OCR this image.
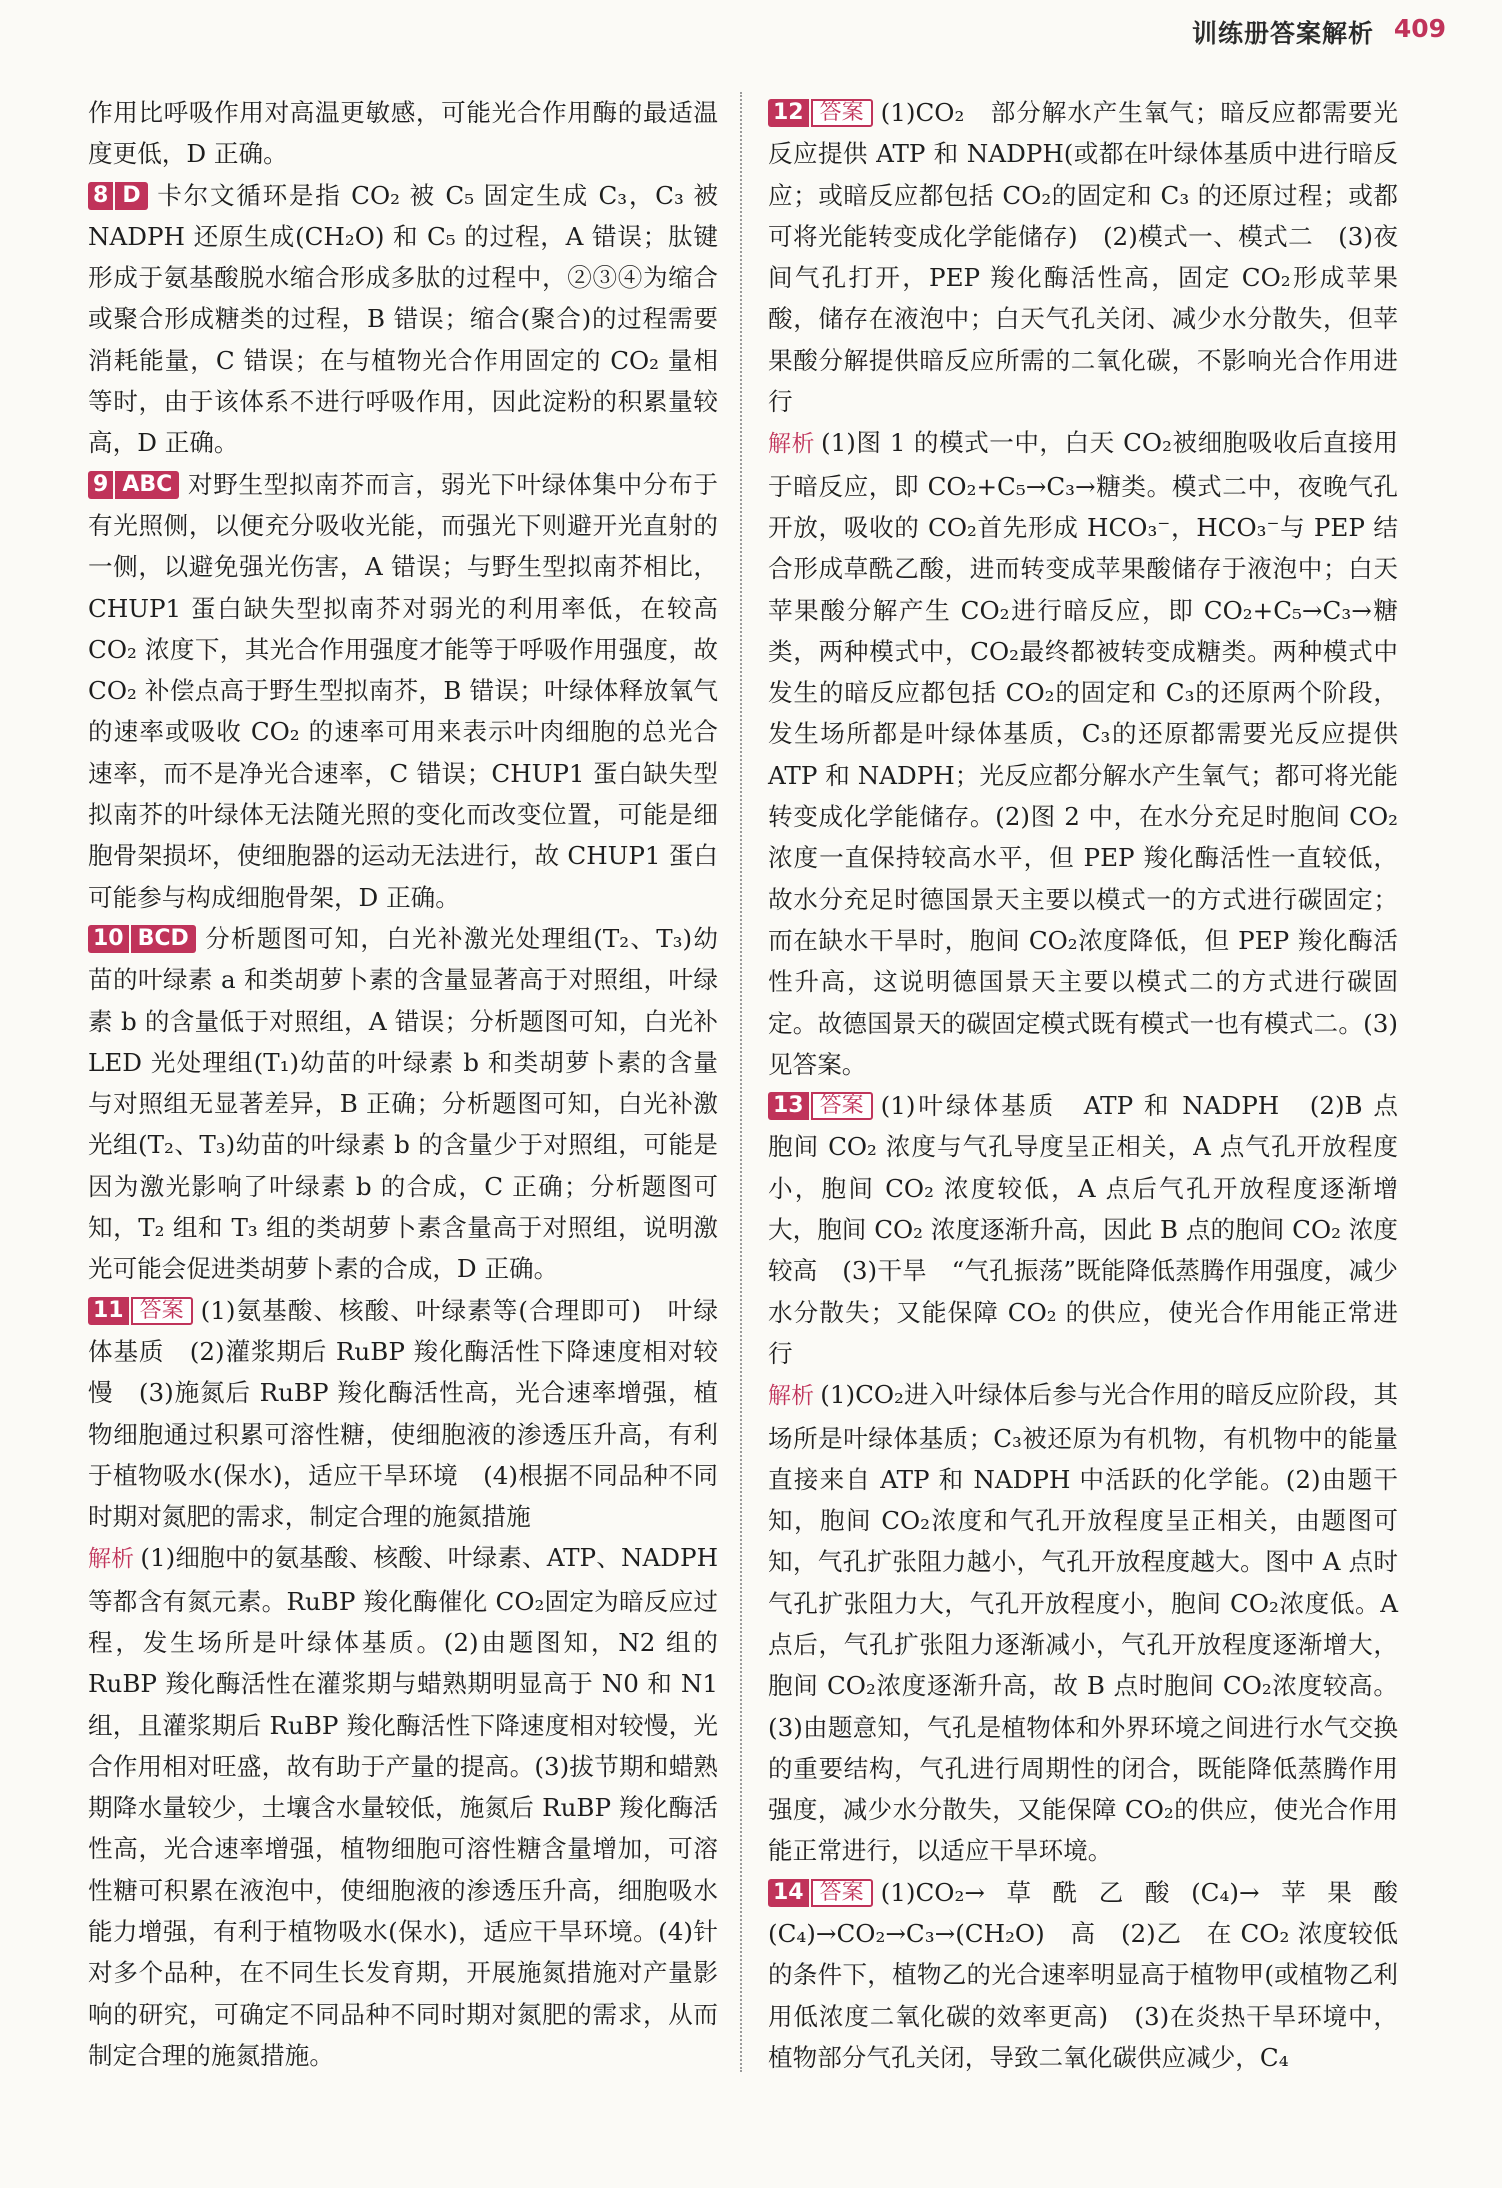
训练册答案解析 409

作用比呼吸作用对高温更敏感，可能光合作用酶的最适温度更低，D 正确。

8 D 卡尔文循环是指 CO₂ 被 C₅ 固定生成 C₃，C₃ 被 NADPH 还原生成(CH₂O) 和 C₅ 的过程，A 错误；肽键形成于氨基酸脱水缩合形成多肽的过程中，②③④为缩合或聚合形成糖类的过程，B 错误；缩合(聚合)的过程需要消耗能量，C 错误；在与植物光合作用固定的 CO₂ 量相等时，由于该体系不进行呼吸作用，因此淀粉的积累量较高，D 正确。

9 ABC 对野生型拟南芥而言，弱光下叶绿体集中分布于有光照侧，以便充分吸收光能，而强光下则避开光直射的一侧，以避免强光伤害，A 错误；与野生型拟南芥相比，CHUP1 蛋白缺失型拟南芥对弱光的利用率低，在较高 CO₂ 浓度下，其光合作用强度才能等于呼吸作用强度，故 CO₂ 补偿点高于野生型拟南芥，B 错误；叶绿体释放氧气的速率或吸收 CO₂ 的速率可用来表示叶肉细胞的总光合速率，而不是净光合速率，C 错误；CHUP1 蛋白缺失型拟南芥的叶绿体无法随光照的变化而改变位置，可能是细胞骨架损坏，使细胞器的运动无法进行，故 CHUP1 蛋白可能参与构成细胞骨架，D 正确。

10 BCD 分析题图可知，白光补激光处理组(T₂、T₃)幼苗的叶绿素 a 和类胡萝卜素的含量显著高于对照组，叶绿素 b 的含量低于对照组，A 错误；分析题图可知，白光补 LED 光处理组(T₁)幼苗的叶绿素 b 和类胡萝卜素的含量与对照组无显著差异，B 正确；分析题图可知，白光补激光组(T₂、T₃)幼苗的叶绿素 b 的含量少于对照组，可能是因为激光影响了叶绿素 b 的合成，C 正确；分析题图可知，T₂ 组和 T₃ 组的类胡萝卜素含量高于对照组，说明激光可能会促进类胡萝卜素的合成，D 正确。

11 答案 (1)氨基酸、核酸、叶绿素等(合理即可)　叶绿体基质　(2)灌浆期后 RuBP 羧化酶活性下降速度相对较慢　(3)施氮后 RuBP 羧化酶活性高，光合速率增强，植物细胞通过积累可溶性糖，使细胞液的渗透压升高，有利于植物吸水(保水)，适应干旱环境　(4)根据不同品种不同时期对氮肥的需求，制定合理的施氮措施

解析 (1)细胞中的氨基酸、核酸、叶绿素、ATP、NADPH 等都含有氮元素。RuBP 羧化酶催化 CO₂固定为暗反应过程，发生场所是叶绿体基质。(2)由题图知，N2 组的 RuBP 羧化酶活性在灌浆期与蜡熟期明显高于 N0 和 N1 组，且灌浆期后 RuBP 羧化酶活性下降速度相对较慢，光合作用相对旺盛，故有助于产量的提高。(3)拔节期和蜡熟期降水量较少，土壤含水量较低，施氮后 RuBP 羧化酶活性高，光合速率增强，植物细胞可溶性糖含量增加，可溶性糖可积累在液泡中，使细胞液的渗透压升高，细胞吸水能力增强，有利于植物吸水(保水)，适应干旱环境。(4)针对多个品种，在不同生长发育期，开展施氮措施对产量影响的研究，可确定不同品种不同时期对氮肥的需求，从而制定合理的施氮措施。

12 答案 (1)CO₂　部分解水产生氧气；暗反应都需要光反应提供 ATP 和 NADPH(或都在叶绿体基质中进行暗反应；或暗反应都包括 CO₂的固定和 C₃ 的还原过程；或都可将光能转变成化学能储存)　(2)模式一、模式二　(3)夜间气孔打开，PEP 羧化酶活性高，固定 CO₂形成苹果酸，储存在液泡中；白天气孔关闭、减少水分散失，但苹果酸分解提供暗反应所需的二氧化碳，不影响光合作用进行

解析 (1)图 1 的模式一中，白天 CO₂被细胞吸收后直接用于暗反应，即 CO₂+C₅→C₃→糖类。模式二中，夜晚气孔开放，吸收的 CO₂首先形成 HCO₃⁻，HCO₃⁻与 PEP 结合形成草酰乙酸，进而转变成苹果酸储存于液泡中；白天苹果酸分解产生 CO₂进行暗反应，即 CO₂+C₅→C₃→糖类，两种模式中，CO₂最终都被转变成糖类。两种模式中发生的暗反应都包括 CO₂的固定和 C₃的还原两个阶段，发生场所都是叶绿体基质，C₃的还原都需要光反应提供 ATP 和 NADPH；光反应都分解水产生氧气；都可将光能转变成化学能储存。(2)图 2 中，在水分充足时胞间 CO₂浓度一直保持较高水平，但 PEP 羧化酶活性一直较低，故水分充足时德国景天主要以模式一的方式进行碳固定；而在缺水干旱时，胞间 CO₂浓度降低，但 PEP 羧化酶活性升高，这说明德国景天主要以模式二的方式进行碳固定。故德国景天的碳固定模式既有模式一也有模式二。(3)见答案。

13 答案 (1)叶绿体基质　ATP 和 NADPH　(2)B 点　胞间 CO₂ 浓度与气孔导度呈正相关，A 点气孔开放程度小，胞间 CO₂ 浓度较低，A 点后气孔开放程度逐渐增大，胞间 CO₂ 浓度逐渐升高，因此 B 点的胞间 CO₂ 浓度较高　(3)干旱　“气孔振荡”既能降低蒸腾作用强度，减少水分散失；又能保障 CO₂ 的供应，使光合作用能正常进行

解析 (1)CO₂进入叶绿体后参与光合作用的暗反应阶段，其场所是叶绿体基质；C₃被还原为有机物，有机物中的能量直接来自 ATP 和 NADPH 中活跃的化学能。(2)由题干知，胞间 CO₂浓度和气孔开放程度呈正相关，由题图可知，气孔扩张阻力越小，气孔开放程度越大。图中 A 点时气孔扩张阻力大，气孔开放程度小，胞间 CO₂浓度低。A 点后，气孔扩张阻力逐渐减小，气孔开放程度逐渐增大，胞间 CO₂浓度逐渐升高，故 B 点时胞间 CO₂浓度较高。(3)由题意知，气孔是植物体和外界环境之间进行水气交换的重要结构，气孔进行周期性的闭合，既能降低蒸腾作用强度，减少水分散失，又能保障 CO₂的供应，使光合作用能正常进行，以适应干旱环境。

14 答案 (1)CO₂→草酰乙酸(C₄)→苹果酸(C₄)→CO₂→C₃→(CH₂O)　高　(2)乙　在 CO₂ 浓度较低的条件下，植物乙的光合速率明显高于植物甲(或植物乙利用低浓度二氧化碳的效率更高)　(3)在炎热干旱环境中，植物部分气孔关闭，导致二氧化碳供应减少，C₄
